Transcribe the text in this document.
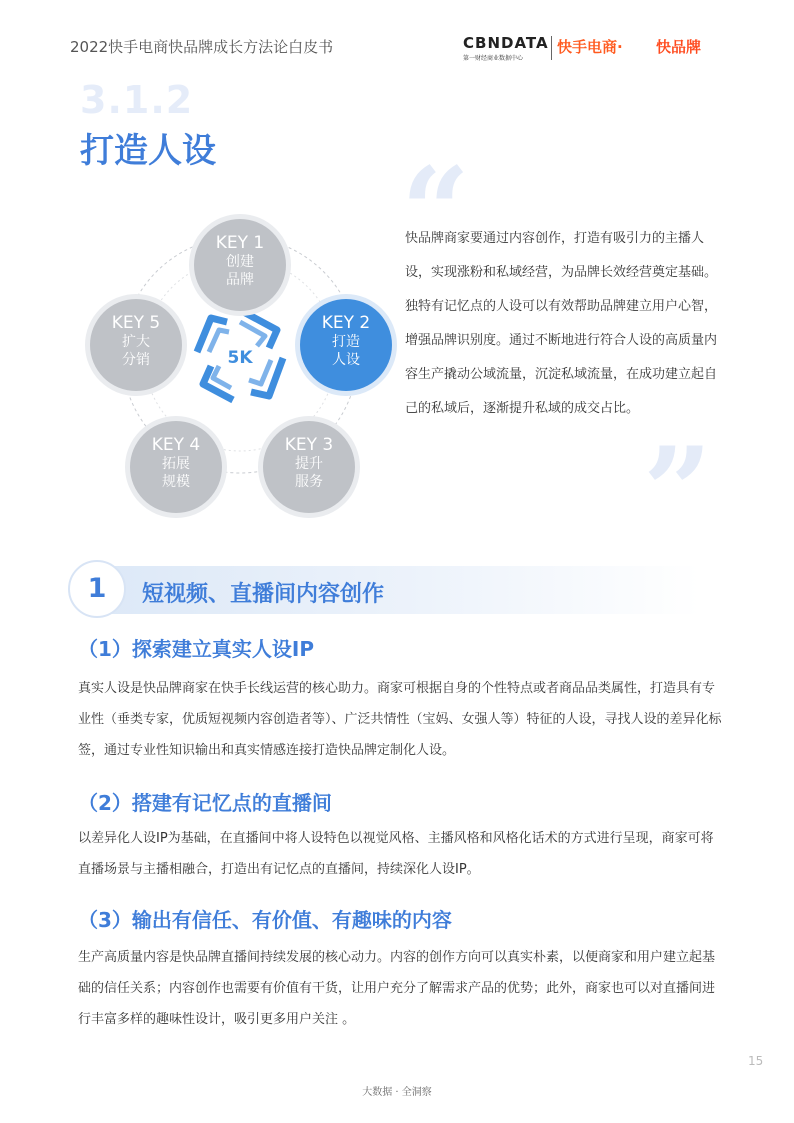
2022快手电商快品牌成长方法论白皮书	CBNDATA
第一财经商业数据中心
快手电商· 快品牌
3.1.2
打造人设
5K
KEY 1
创建
品牌
KEY 2
打造
人设
KEY 3
提升
服务
KEY 4
拓展
规模
KEY 5
扩大
分销
“
快品牌商家要通过内容创作，打造有吸引力的主播人设，实现涨粉和私域经营，为品牌长效经营奠定基础。独特有记忆点的人设可以有效帮助品牌建立用户心智，增强品牌识别度。通过不断地进行符合人设的高质量内容生产撬动公域流量，沉淀私域流量，在成功建立起自己的私域后，逐渐提升私域的成交占比。
”
1	短视频、直播间内容创作
（1）探索建立真实人设IP
真实人设是快品牌商家在快手长线运营的核心助力。商家可根据自身的个性特点或者商品品类属性，打造具有专业性（垂类专家，优质短视频内容创造者等）、广泛共情性（宝妈、女强人等）特征的人设，寻找人设的差异化标签，通过专业性知识输出和真实情感连接打造快品牌定制化人设。
（2）搭建有记忆点的直播间
以差异化人设IP为基础，在直播间中将人设特色以视觉风格、主播风格和风格化话术的方式进行呈现，商家可将直播场景与主播相融合，打造出有记忆点的直播间，持续深化人设IP。
（3）输出有信任、有价值、有趣味的内容
生产高质量内容是快品牌直播间持续发展的核心动力。内容的创作方向可以真实朴素，以便商家和用户建立起基础的信任关系；内容创作也需要有价值有干货，让用户充分了解需求产品的优势；此外，商家也可以对直播间进行丰富多样的趣味性设计，吸引更多用户关注 。
15
大数据 · 全洞察
